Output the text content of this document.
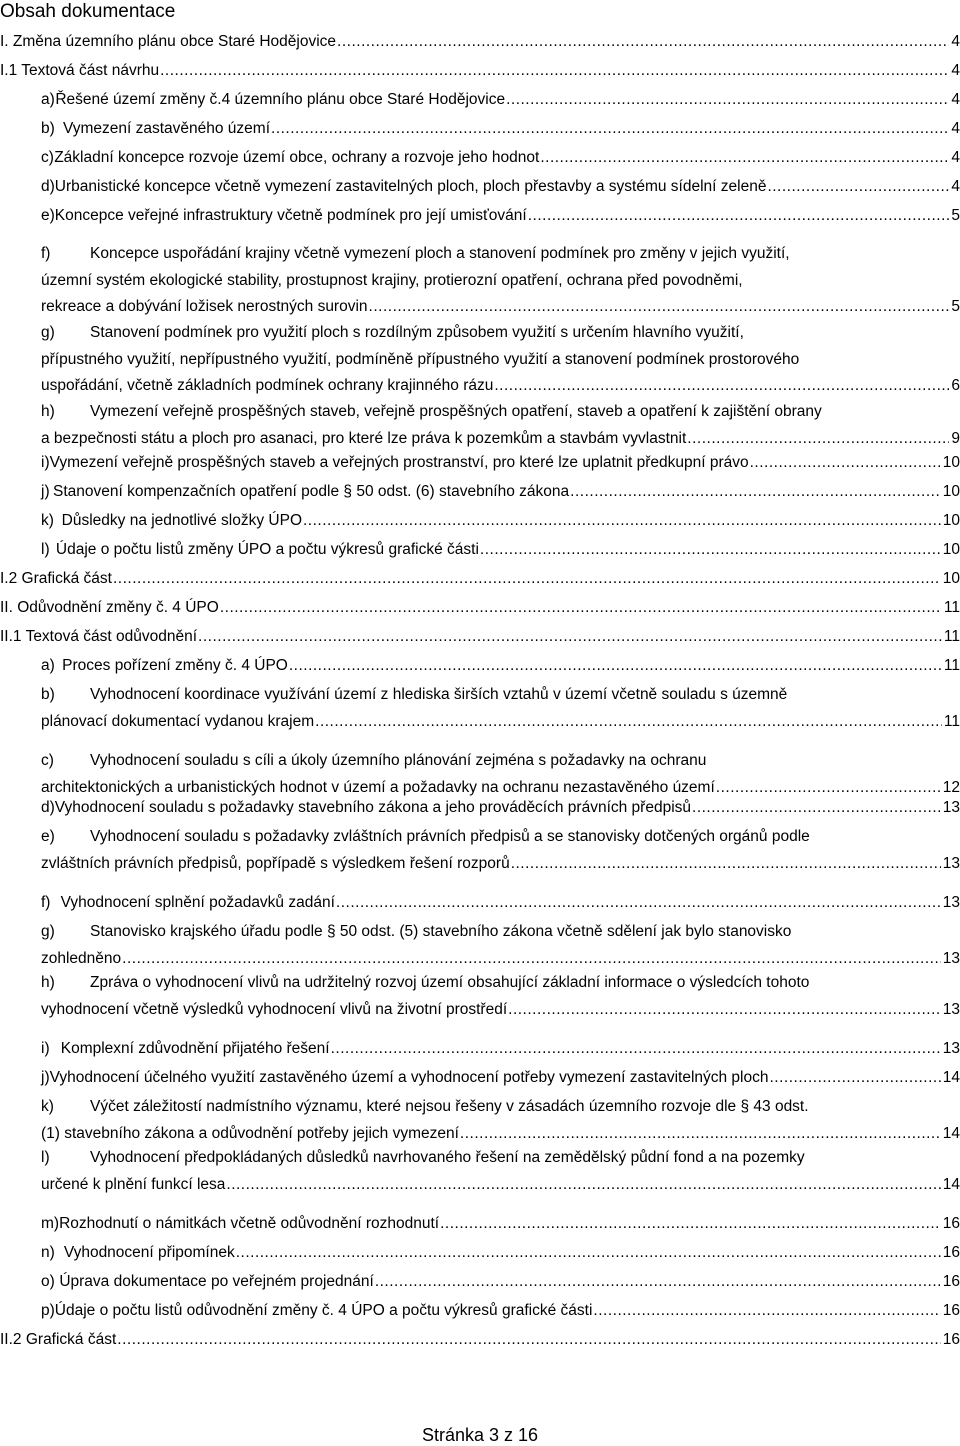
Obsah dokumentace
I. Změna územního plánu obce Staré Hodějovice .....	4
I.1 Textová část návrhu .....	4
a) Řešené území změny č.4 územního plánu obce Staré Hodějovice .....	4
b) Vymezení zastavěného území .....	4
c) Základní koncepce rozvoje území obce, ochrany a rozvoje jeho hodnot .....	4
d) Urbanistické koncepce včetně vymezení zastavitelných ploch, ploch přestavby a systému sídelní zeleně .....	4
e) Koncepce veřejné infrastruktury včetně podmínek pro její umisťování .....	5
f)	Koncepce uspořádání krajiny včetně vymezení ploch a stanovení podmínek pro změny v jejich využití,
územní systém ekologické stability, prostupnost krajiny, protierozní opatření, ochrana před povodněmi,
rekreace a dobývání ložisek nerostných surovin .....	5
g)	Stanovení podmínek pro využití ploch s rozdílným způsobem využití s určením hlavního využití,
přípustného využití, nepřípustného využití, podmíněně přípustného využití a stanovení podmínek prostorového
uspořádání, včetně základních podmínek ochrany krajinného rázu .....	6
h)	Vymezení veřejně prospěšných staveb, veřejně prospěšných opatření, staveb a opatření k zajištění obrany
a bezpečnosti státu a ploch pro asanaci, pro které lze práva k pozemkům a stavbám vyvlastnit .....	9
i) Vymezení veřejně prospěšných staveb a veřejných prostranství, pro které lze uplatnit předkupní právo .....	10
j) Stanovení kompenzačních opatření podle § 50 odst. (6) stavebního zákona .....	10
k) Důsledky na jednotlivé složky ÚPO .....	10
l) Údaje o počtu listů změny ÚPO a počtu výkresů grafické části .....	10
I.2 Grafická část .....	10
II. Odůvodnění změny č. 4 ÚPO .....	11
II.1 Textová část odůvodnění .....	11
a) Proces pořízení změny č. 4 ÚPO .....	11
b)	Vyhodnocení koordinace využívání území z hlediska širších vztahů v území včetně souladu s územně
plánovací dokumentací vydanou krajem .....	11
c)	Vyhodnocení souladu s cíli a úkoly územního plánování zejména s požadavky na ochranu
architektonických a urbanistických hodnot v území a požadavky na ochranu nezastavěného území .....	12
d) Vyhodnocení souladu s požadavky stavebního zákona a jeho prováděcích právních předpisů .....	13
e)	Vyhodnocení souladu s požadavky zvláštních právních předpisů a se stanovisky dotčených orgánů podle
zvláštních právních předpisů, popřípadě s výsledkem řešení rozporů .....	13
f) Vyhodnocení splnění požadavků zadání .....	13
g)	Stanovisko krajského úřadu podle § 50 odst. (5) stavebního zákona včetně sdělení jak bylo stanovisko
zohledněno .....	13
h)	Zpráva o vyhodnocení vlivů na udržitelný rozvoj území obsahující základní informace o výsledcích tohoto
vyhodnocení včetně výsledků vyhodnocení vlivů na životní prostředí .....	13
i) Komplexní zdůvodnění přijatého řešení .....	13
j) Vyhodnocení účelného využití zastavěného území a vyhodnocení potřeby vymezení zastavitelných ploch .....	14
k)	Výčet záležitostí nadmístního významu, které nejsou řešeny v zásadách územního rozvoje dle § 43 odst.
(1) stavebního zákona a odůvodnění potřeby jejich vymezení .....	14
l)	Vyhodnocení předpokládaných důsledků navrhovaného řešení na zemědělský půdní fond a na pozemky
určené k plnění funkcí lesa .....	14
m) Rozhodnutí o námitkách včetně odůvodnění rozhodnutí .....	16
n) Vyhodnocení připomínek .....	16
o) Úprava dokumentace po veřejném projednání .....	16
p) Údaje o počtu listů odůvodnění změny č. 4 ÚPO a počtu výkresů grafické části .....	16
II.2 Grafická část .....	16
Stránka 3 z 16
